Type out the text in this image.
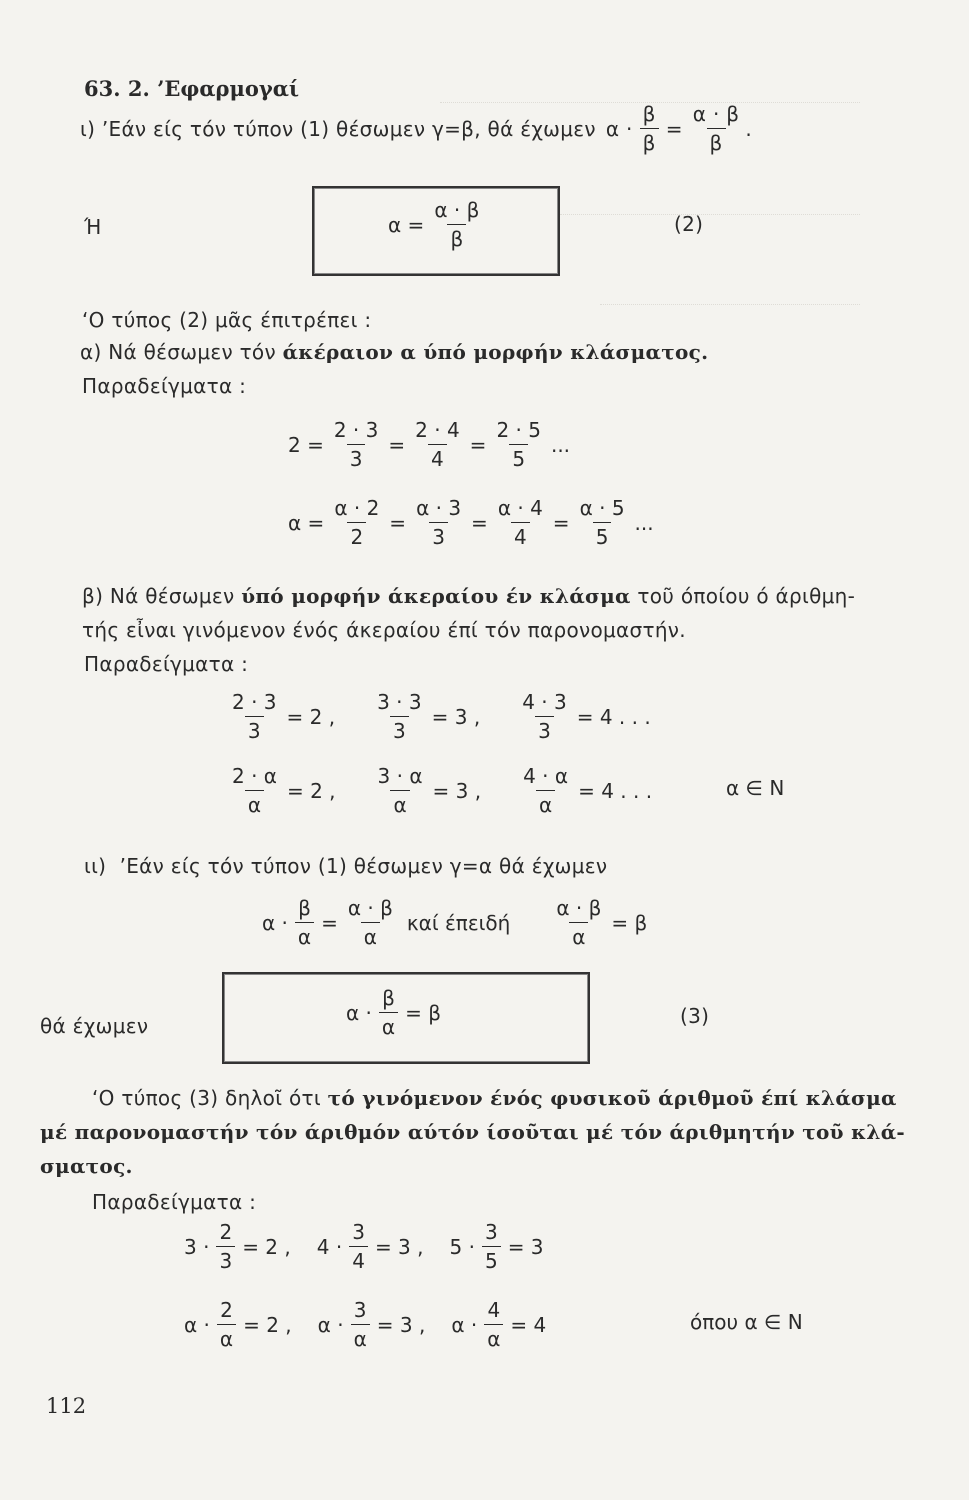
63. 2. ’Εφαρμογαί
ι)
’Εάν είς τόν τύπον (1) θέσωμεν γ=β, θά έχωμεν $\alpha \cdot \frac{\beta}{\beta} = \frac{\alpha \cdot \beta}{\beta}$ .
Ή	$\alpha = \frac{\alpha \cdot \beta}{\beta}$	(2)
‘Ο τύπος (2) μᾶς έπιτρέπει :
α) Νά θέσωμεν τόν άκέραιον α ύπό μορφήν κλάσματος.
Παραδείγματα :
$2 = \frac{2 \cdot 3}{3} = \frac{2 \cdot 4}{4} = \frac{2 \cdot 5}{5}$ ...
$\alpha = \frac{\alpha \cdot 2}{2} = \frac{\alpha \cdot 3}{3} = \frac{\alpha \cdot 4}{4} = \frac{\alpha \cdot 5}{5}$ ...
β) Νά θέσωμεν ύπό μορφήν άκεραίου έν κλάσμα τοῦ όποίου ό άριθμη-
τής εἶναι γινόμενον ένός άκεραίου έπί τόν παρονομαστήν.
Παραδείγματα :
$\frac{2 \cdot 3}{3} = 2$ , $\frac{3 \cdot 3}{3} = 3$ , $\frac{4 \cdot 3}{3} = 4$ . . .
$\frac{2 \cdot \alpha}{\alpha} = 2$ , $\frac{3 \cdot \alpha}{\alpha} = 3$ , $\frac{4 \cdot \alpha}{\alpha} = 4$ . . .	α ∈ N
ιι) ’Εάν είς τόν τύπον (1) θέσωμεν γ=α θά έχωμεν
$\alpha \cdot \frac{\beta}{\alpha} = \frac{\alpha \cdot \beta}{\alpha}$ καί έπειδή $\frac{\alpha \cdot \beta}{\alpha} = \beta$
θά έχωμεν
$\alpha \cdot \frac{\beta}{\alpha} = \beta$	(3)
‘Ο τύπος (3) δηλοῖ ότι τό γινόμενον ένός φυσικοῦ άριθμοῦ έπί κλάσμα
μέ παρονομαστήν τόν άριθμόν αύτόν ίσοῦται μέ τόν άριθμητήν τοῦ κλά-
σματος.
Παραδείγματα :
$3 \cdot \frac{2}{3} = 2$ , $4 \cdot \frac{3}{4} = 3$ , $5 \cdot \frac{3}{5} = 3$
$\alpha \cdot \frac{2}{\alpha} = 2$ , $\alpha \cdot \frac{3}{\alpha} = 3$ , $\alpha \cdot \frac{4}{\alpha} = 4$	όπου α ∈ N
112
